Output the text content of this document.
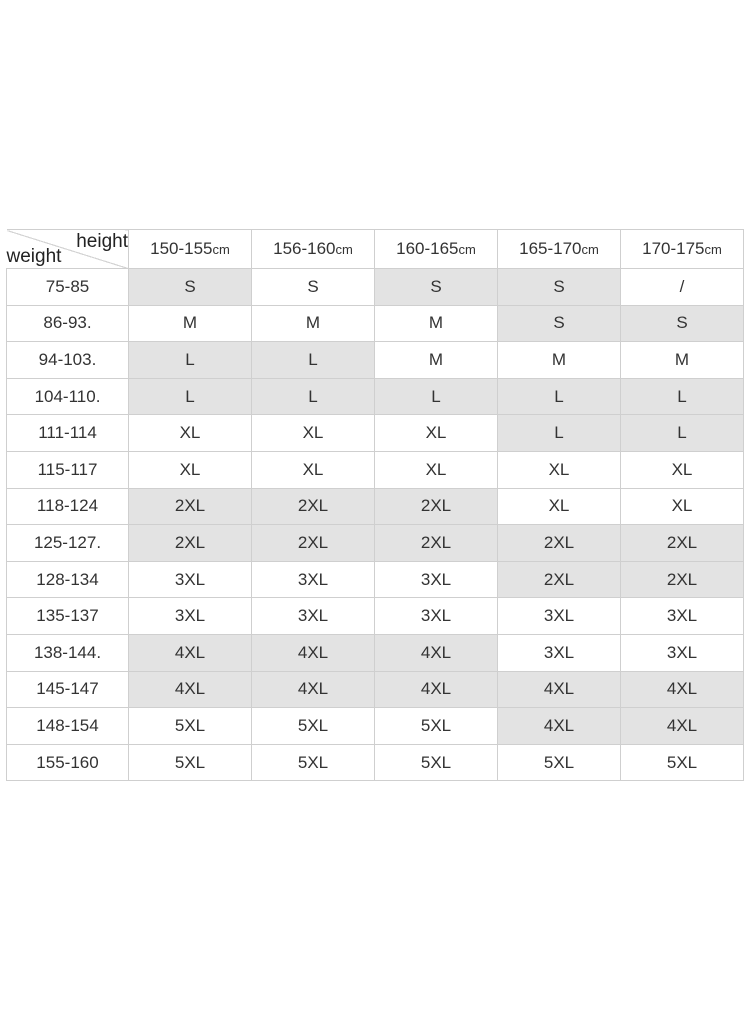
height
weight	150-155cm	156-160cm	160-165cm	165-170cm	170-175cm
75-85	S	S	S	S	/
86-93.	M	M	M	S	S
94-103.	L	L	M	M	M
104-110.	L	L	L	L	L
111-114	XL	XL	XL	L	L
115-117	XL	XL	XL	XL	XL
118-124	2XL	2XL	2XL	XL	XL
125-127.	2XL	2XL	2XL	2XL	2XL
128-134	3XL	3XL	3XL	2XL	2XL
135-137	3XL	3XL	3XL	3XL	3XL
138-144.	4XL	4XL	4XL	3XL	3XL
145-147	4XL	4XL	4XL	4XL	4XL
148-154	5XL	5XL	5XL	4XL	4XL
155-160	5XL	5XL	5XL	5XL	5XL
